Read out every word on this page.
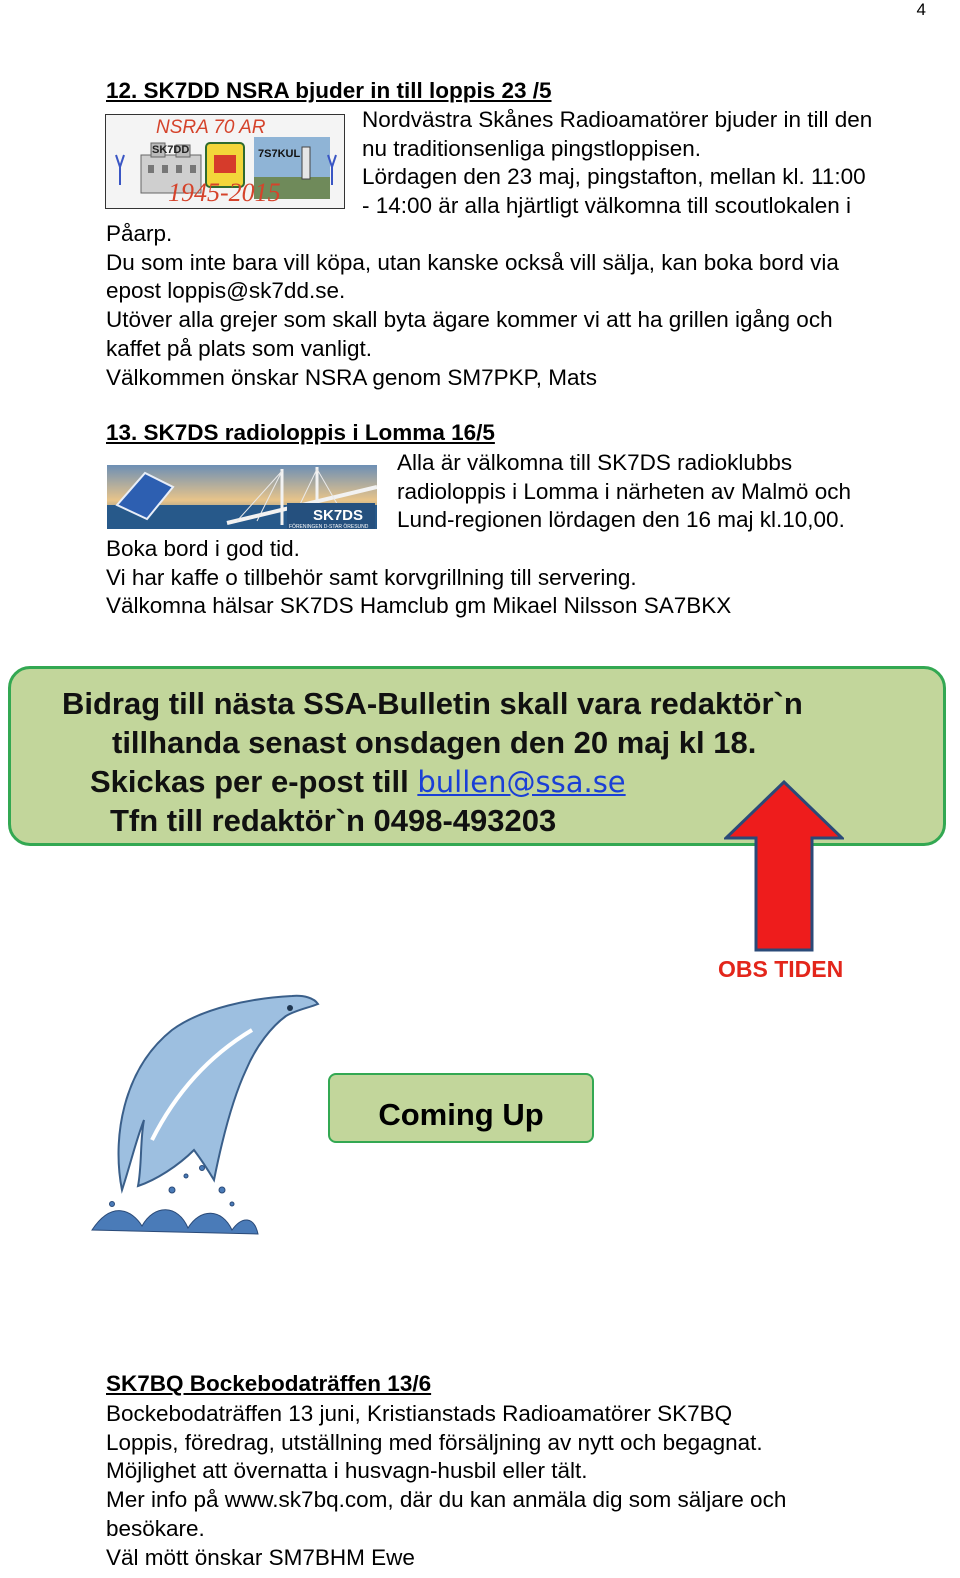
4
12. SK7DD NSRA bjuder in till loppis 23 /5
NSRA 70 AR
SK7DD	7S7KUL
1945-2015
Nordvästra Skånes Radioamatörer bjuder in till den
nu traditionsenliga pingstloppisen.
Lördagen den 23 maj, pingstafton, mellan kl. 11:00
- 14:00 är alla hjärtligt välkomna till scoutlokalen i
Påarp.
Du som inte bara vill köpa, utan kanske också vill sälja, kan boka bord via
epost loppis@sk7dd.se.
Utöver alla grejer som skall byta ägare kommer vi att ha grillen igång och
kaffet på plats som vanligt.
Välkommen önskar NSRA genom SM7PKP, Mats
13. SK7DS radioloppis i Lomma 16/5
SK7DS
FÖRENINGEN D-STAR ÖRESUND
Alla är välkomna till SK7DS radioklubbs
radioloppis i Lomma i närheten av Malmö och
Lund-regionen lördagen den 16 maj kl.10,00.
Boka bord i god tid.
Vi har kaffe o tillbehör samt korvgrillning till servering.
Välkomna hälsar SK7DS Hamclub gm Mikael Nilsson SA7BKX
Bidrag till nästa SSA-Bulletin skall vara redaktör`n
tillhanda senast onsdagen den 20 maj kl 18.
Skickas per e-post till bullen@ssa.se
Tfn till redaktör`n 0498-493203
OBS TIDEN
Coming Up
SK7BQ Bockebodaträffen 13/6
Bockebodaträffen 13 juni, Kristianstads Radioamatörer SK7BQ
Loppis, föredrag, utställning med försäljning av nytt och begagnat.
Möjlighet att övernatta i husvagn-husbil eller tält.
Mer info på www.sk7bq.com, där du kan anmäla dig som säljare och
besökare.
Väl mött önskar SM7BHM Ewe
